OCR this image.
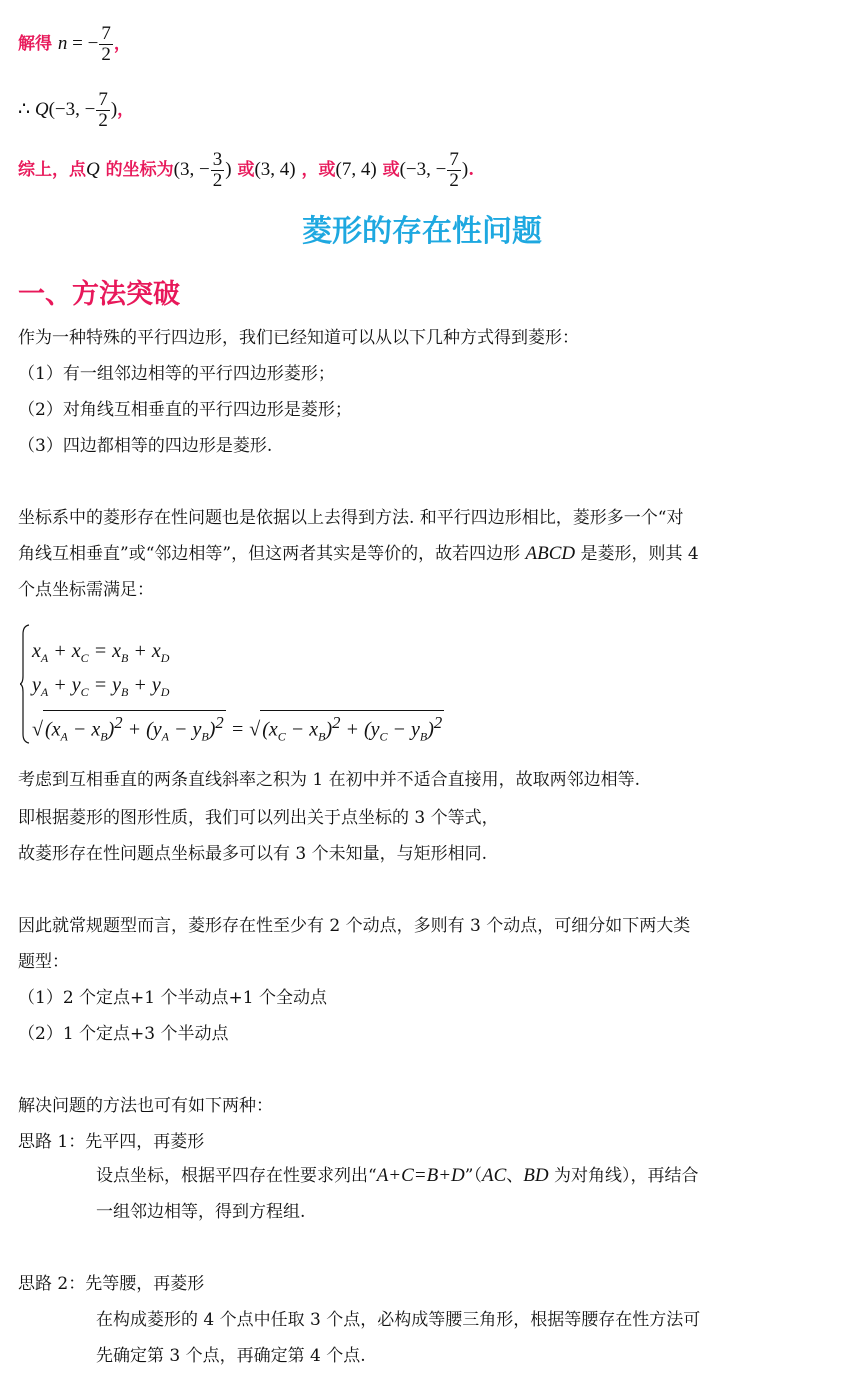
解得 n = − $\frac{7}{2}$ ，
∴ Q(−3, − $\frac{7}{2}$ )，
综上，点Q 的坐标为(3, − $\frac{3}{2}$ ) 或(3, 4) ，或(7, 4) 或(−3, − $\frac{7}{2}$ ).
菱形的存在性问题
一、方法突破
作为一种特殊的平行四边形，我们已经知道可以从以下几种方式得到菱形：
（1）有一组邻边相等的平行四边形菱形；
（2）对角线互相垂直的平行四边形是菱形；
（3）四边都相等的四边形是菱形.
坐标系中的菱形存在性问题也是依据以上去得到方法. 和平行四边形相比，菱形多一个“对
角线互相垂直”或“邻边相等”，但这两者其实是等价的，故若四边形 ABCD 是菱形，则其 4
个点坐标需满足：
$x_A + x_C = x_B + x_D$
$y_A + y_C = y_B + y_D$
√ $(x_A - x_B)^2 + (y_A - y_B)^2$ = √ $(x_C - x_B)^2 + (y_C - y_B)^2$
考虑到互相垂直的两条直线斜率之积为 1 在初中并不适合直接用，故取两邻边相等.
即根据菱形的图形性质，我们可以列出关于点坐标的 3 个等式，
故菱形存在性问题点坐标最多可以有 3 个未知量，与矩形相同.
因此就常规题型而言，菱形存在性至少有 2 个动点，多则有 3 个动点，可细分如下两大类
题型：
（1）2 个定点+1 个半动点+1 个全动点
（2）1 个定点+3 个半动点
解决问题的方法也可有如下两种：
思路 1：先平四，再菱形
设点坐标，根据平四存在性要求列出“A+C=B+D”（AC、BD 为对角线），再结合
一组邻边相等，得到方程组.
思路 2：先等腰，再菱形
在构成菱形的 4 个点中任取 3 个点，必构成等腰三角形，根据等腰存在性方法可
先确定第 3 个点，再确定第 4 个点.
